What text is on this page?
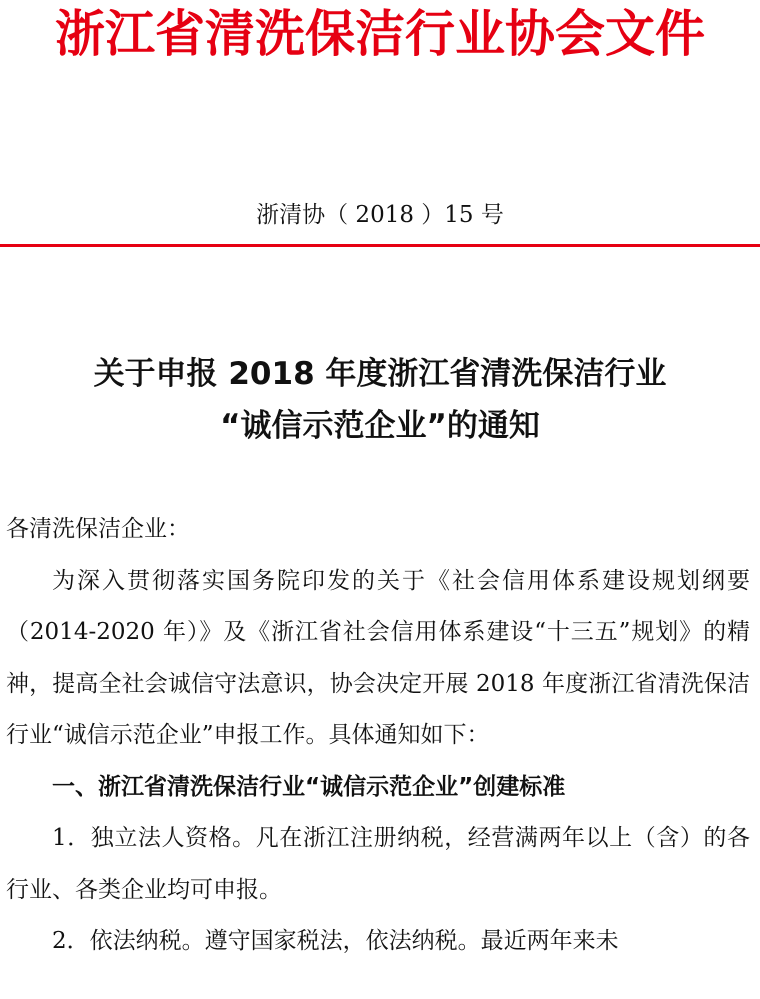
浙江省清洗保洁行业协会文件
浙清协（ 2018 ）15 号
关于申报 2018 年度浙江省清洗保洁行业
“诚信示范企业”的通知

各清洗保洁企业：

为深入贯彻落实国务院印发的关于《社会信用体系建设规划纲要（2014-2020 年）》及《浙江省社会信用体系建设“十三五”规划》的精神，提高全社会诚信守法意识，协会决定开展 2018 年度浙江省清洗保洁行业“诚信示范企业”申报工作。具体通知如下：

一、浙江省清洗保洁行业“诚信示范企业”创建标准

1．独立法人资格。凡在浙江注册纳税，经营满两年以上（含）的各行业、各类企业均可申报。

2．依法纳税。遵守国家税法，依法纳税。最近两年来未
